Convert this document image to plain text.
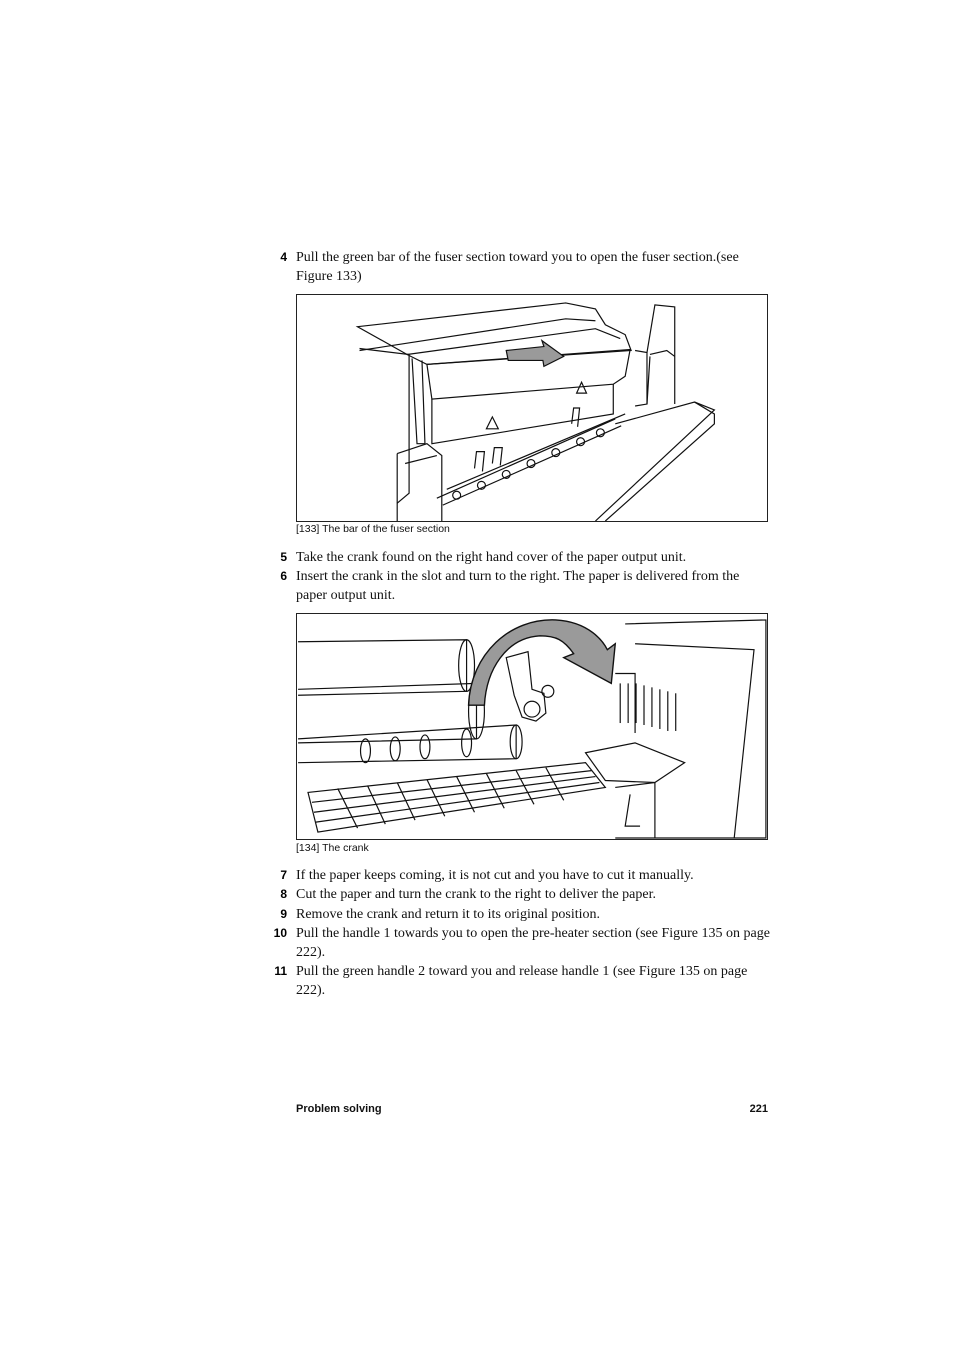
4 Pull the green bar of the fuser section toward you to open the fuser section.(see Figure 133)
[133] The bar of the fuser section
5 Take the crank found on the right hand cover of the paper output unit.
6 Insert the crank in the slot and turn to the right. The paper is delivered from the paper output unit.
[134] The crank
7 If the paper keeps coming, it is not cut and you have to cut it manually.
8 Cut the paper and turn the crank to the right to deliver the paper.
9 Remove the crank and return it to its original position.
10 Pull the handle 1 towards you to open the pre-heater section (see Figure 135 on page 222).
11 Pull the green handle 2 toward you and release handle 1 (see Figure 135 on page 222).
Problem solving	221
